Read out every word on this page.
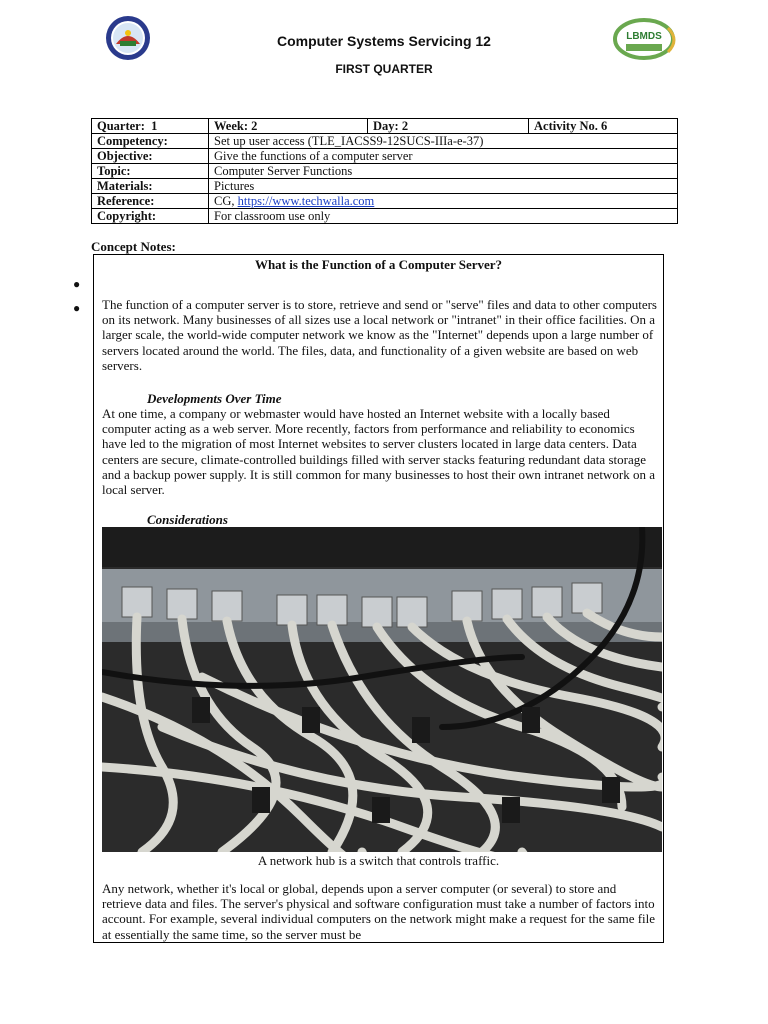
LBMDS
Computer Systems Servicing 12
FIRST QUARTER
Quarter: 1	Week: 2	Day: 2	Activity No. 6
Competency:	Set up user access (TLE_IACSS9-12SUCS-IIIa-e-37)		
Objective:	Give the functions of a computer server		
Topic:	Computer Server Functions		
Materials:	Pictures		
Reference:	CG, https://www.techwalla.com		
Copyright:	For classroom use only		
Concept Notes:
●
●
What is the Function of a Computer Server?
The function of a computer server is to store, retrieve and send or "serve" files and data to other computers on its network. Many businesses of all sizes use a local network or "intranet" in their office facilities. On a larger scale, the world-wide computer network we know as the "Internet" depends upon a large number of servers located around the world. The files, data, and functionality of a given website are based on web servers.
Developments Over Time
At one time, a company or webmaster would have hosted an Internet website with a locally based computer acting as a web server. More recently, factors from performance and reliability to economics have led to the migration of most Internet websites to server clusters located in large data centers. Data centers are secure, climate-controlled buildings filled with server stacks featuring redundant data storage and a backup power supply. It is still common for many businesses to host their own intranet network on a local server.
Considerations
A network hub is a switch that controls traffic.
Any network, whether it's local or global, depends upon a server computer (or several) to store and retrieve data and files. The server's physical and software configuration must take a number of factors into account. For example, several individual computers on the network might make a request for the same file at essentially the same time, so the server must be
